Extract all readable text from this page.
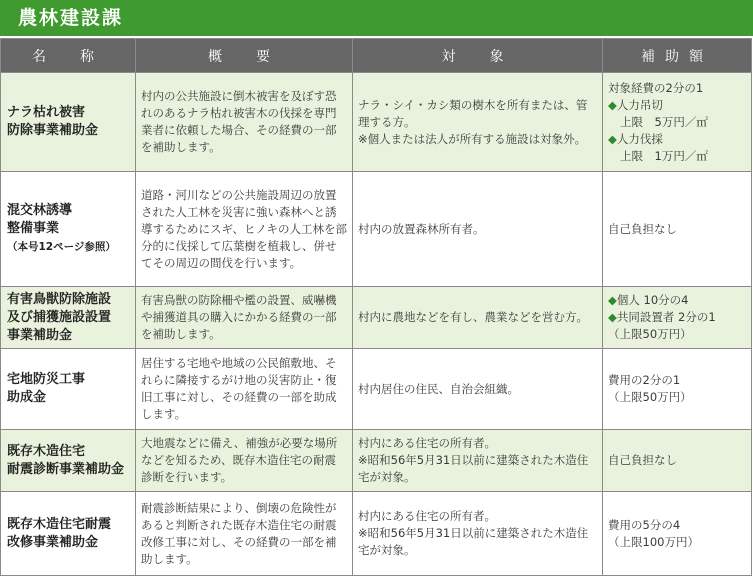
農林建設課
名　称	概　要	対　象	補助額
ナラ枯れ被害
防除事業補助金	村内の公共施設に倒木被害を及ぼす恐れのあるナラ枯れ被害木の伐採を専門業者に依頼した場合、その経費の一部を補助します。	ナラ・シイ・カシ類の樹木を所有または、管理する方。
※個人または法人が所有する施設は対象外。	対象経費の2分の1
◆人力吊切
上限　5万円／㎡
◆人力伐採
上限　1万円／㎡
混交林誘導
整備事業
（本号12ページ参照）	道路・河川などの公共施設周辺の放置された人工林を災害に強い森林へと誘導するためにスギ、ヒノキの人工林を部分的に伐採して広葉樹を植栽し、併せてその周辺の間伐を行います。	村内の放置森林所有者。	自己負担なし
有害鳥獣防除施設
及び捕獲施設設置
事業補助金	有害鳥獣の防除柵や檻の設置、威嚇機や捕獲道具の購入にかかる経費の一部を補助します。	村内に農地などを有し、農業などを営む方。	◆個人 10分の4
◆共同設置者 2分の1
（上限50万円）
宅地防災工事
助成金	居住する宅地や地域の公民館敷地、それらに隣接するがけ地の災害防止・復旧工事に対し、その経費の一部を助成します。	村内居住の住民、自治会組織。	費用の2分の1
（上限50万円）
既存木造住宅
耐震診断事業補助金	大地震などに備え、補強が必要な場所などを知るため、既存木造住宅の耐震診断を行います。	村内にある住宅の所有者。
※昭和56年5月31日以前に建築された木造住宅が対象。	自己負担なし
既存木造住宅耐震
改修事業補助金	耐震診断結果により、倒壊の危険性があると判断された既存木造住宅の耐震改修工事に対し、その経費の一部を補助します。	村内にある住宅の所有者。
※昭和56年5月31日以前に建築された木造住宅が対象。	費用の5分の4
（上限100万円）
